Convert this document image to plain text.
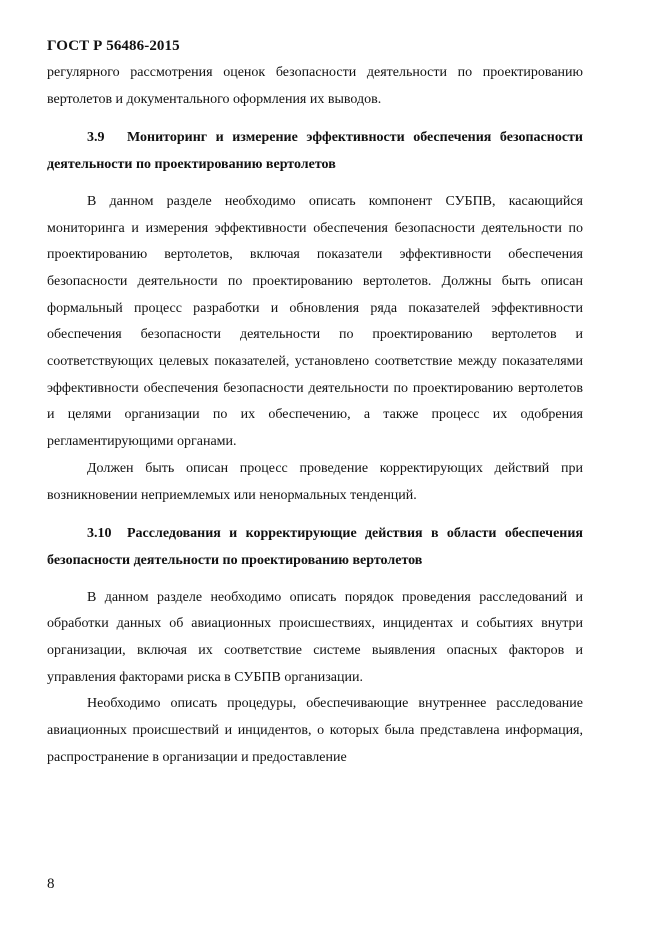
ГОСТ Р 56486-2015

регулярного рассмотрения оценок безопасности деятельности по проектированию вертолетов и документального оформления их выводов.

3.9 Мониторинг и измерение эффективности обеспечения безопасности деятельности по проектированию вертолетов

В данном разделе необходимо описать компонент СУБПВ, касающийся мониторинга и измерения эффективности обеспечения безопасности деятельности по проектированию вертолетов, включая показатели эффективности обеспечения безопасности деятельности по проектированию вертолетов. Должны быть описан формальный процесс разработки и обновления ряда показателей эффективности обеспечения безопасности деятельности по проектированию вертолетов и соответствующих целевых показателей, установлено соответствие между показателями эффективности обеспечения безопасности деятельности по проектированию вертолетов и целями организации по их обеспечению, а также процесс их одобрения регламентирующими органами.

Должен быть описан процесс проведение корректирующих действий при возникновении неприемлемых или ненормальных тенденций.

3.10 Расследования и корректирующие действия в области обеспечения безопасности деятельности по проектированию вертолетов

В данном разделе необходимо описать порядок проведения расследований и обработки данных об авиационных происшествиях, инцидентах и событиях внутри организации, включая их соответствие системе выявления опасных факторов и управления факторами риска в СУБПВ организации.

Необходимо описать процедуры, обеспечивающие внутреннее расследование авиационных происшествий и инцидентов, о которых была представлена информация, распространение в организации и предоставление

8
